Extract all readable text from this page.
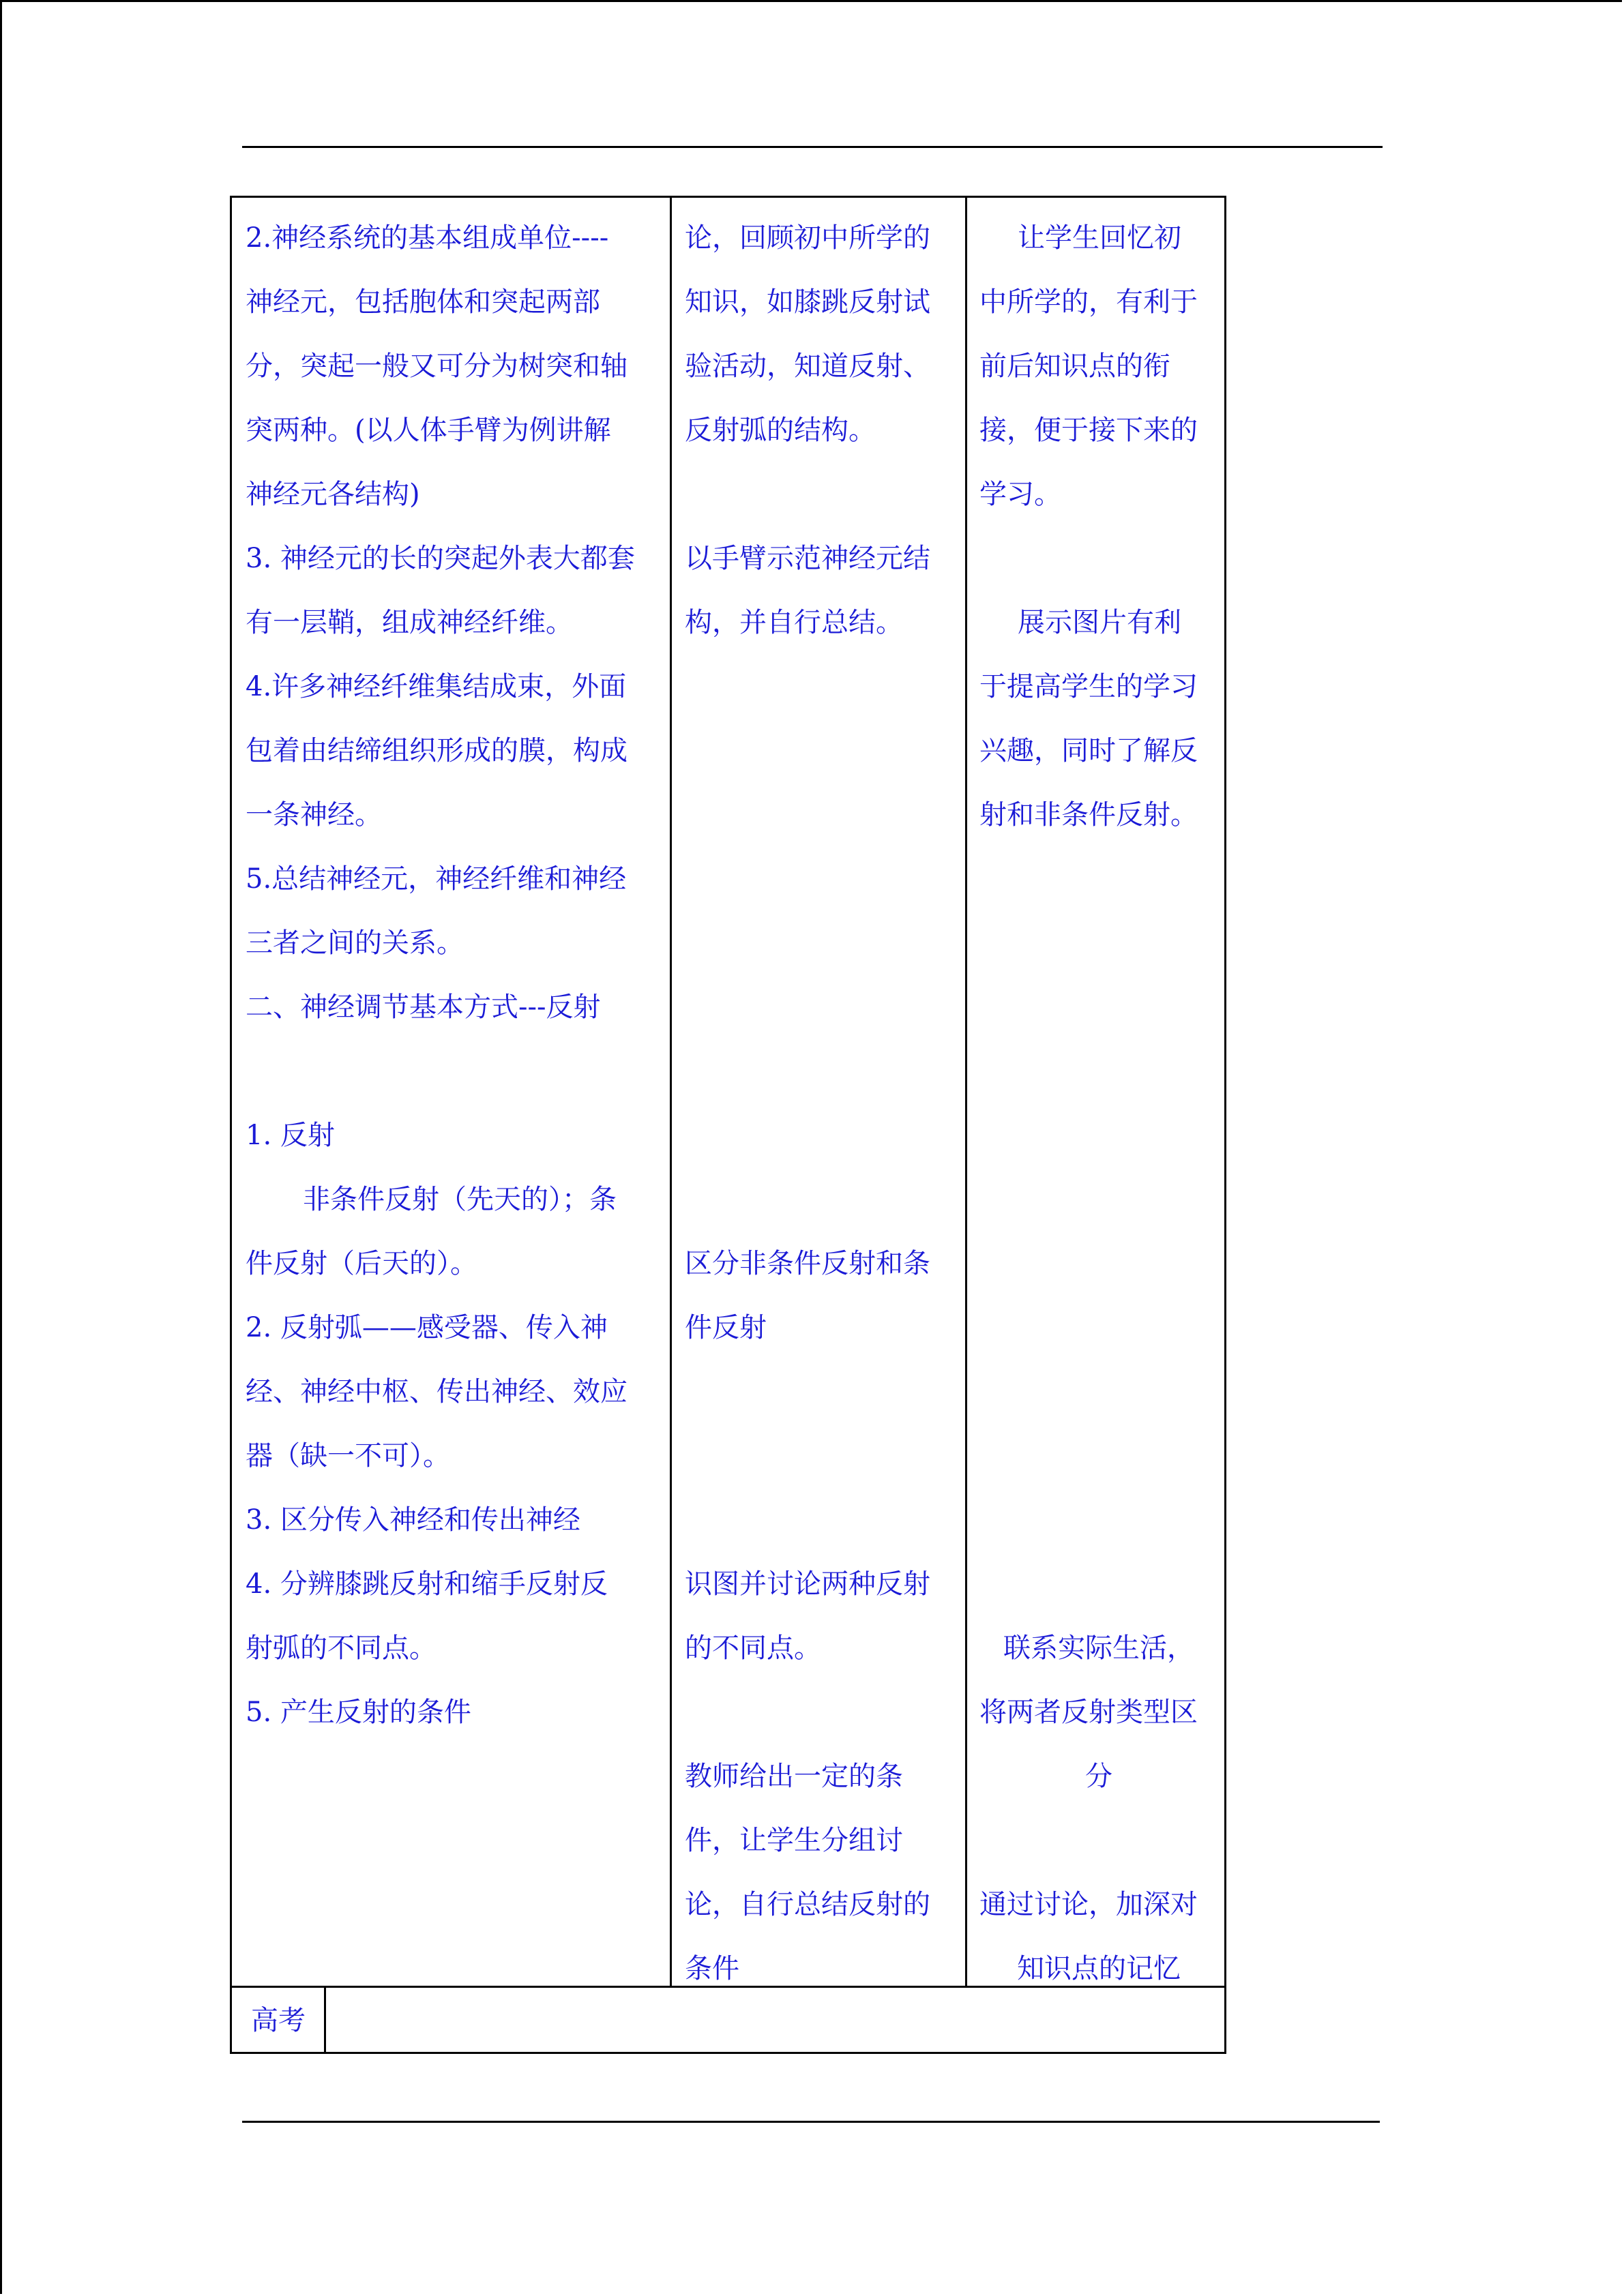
2.神经系统的基本组成单位----
神经元，包括胞体和突起两部
分，突起一般又可分为树突和轴
突两种。(以人体手臂为例讲解
神经元各结构)
3. 神经元的长的突起外表大都套
有一层鞘，组成神经纤维。
4.许多神经纤维集结成束，外面
包着由结缔组织形成的膜，构成
一条神经。
5.总结神经元，神经纤维和神经
三者之间的关系。
二、神经调节基本方式---反射
1. 反射
非条件反射（先天的）；条
件反射（后天的）。
2. 反射弧——感受器、传入神
经、神经中枢、传出神经、效应
器（缺一不可）。
3. 区分传入神经和传出神经
4. 分辨膝跳反射和缩手反射反
射弧的不同点。
5. 产生反射的条件
论，回顾初中所学的
知识，如膝跳反射试
验活动，知道反射、
反射弧的结构。
以手臂示范神经元结
构，并自行总结。
区分非条件反射和条
件反射
识图并讨论两种反射
的不同点。
教师给出一定的条
件，让学生分组讨
论，自行总结反射的
条件
让学生回忆初
中所学的，有利于
前后知识点的衔
接，便于接下来的
学习。
展示图片有利
于提高学生的学习
兴趣，同时了解反
射和非条件反射。
联系实际生活，
将两者反射类型区
分
通过讨论，加深对
知识点的记忆
高考
